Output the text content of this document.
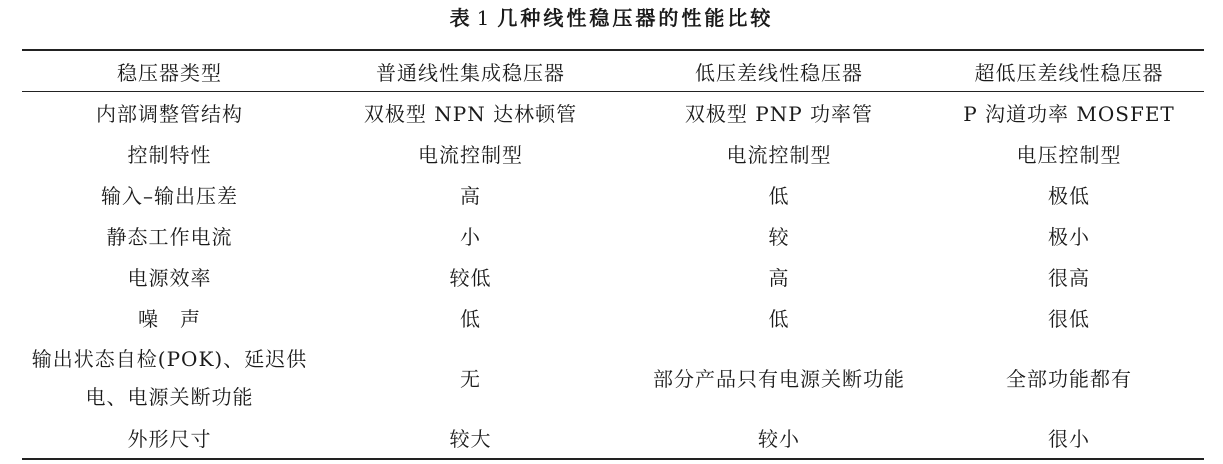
表 1 几种线性稳压器的性能比较
稳压器类型	普通线性集成稳压器	低压差线性稳压器	超低压差线性稳压器
内部调整管结构	双极型 NPN 达林顿管	双极型 PNP 功率管	P 沟道功率 MOSFET
控制特性	电流控制型	电流控制型	电压控制型
输入–输出压差	高	低	极低
静态工作电流	小	较	极小
电源效率	较低	高	很高
噪　声	低	低	很低
输出状态自检(POK)、延迟供电、电源关断功能	无	部分产品只有电源关断功能	全部功能都有
外形尺寸	较大	较小	很小
